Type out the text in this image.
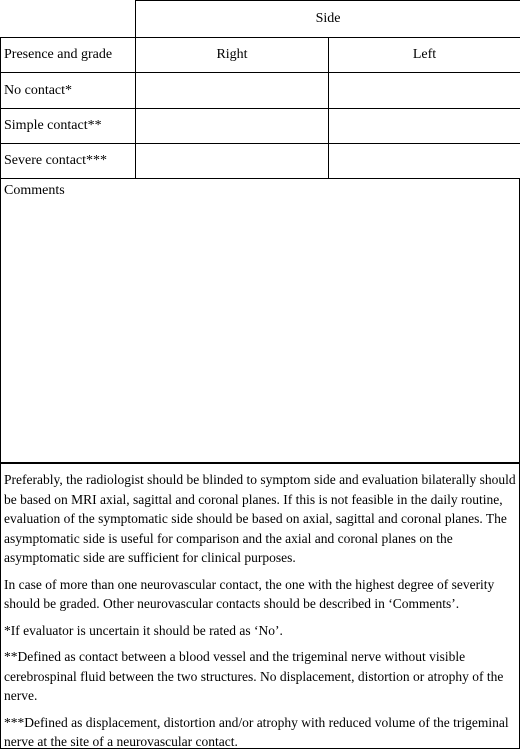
	Side	
Presence and grade	Right	Left
No contact*		
Simple contact**		
Severe contact***		
Comments

Preferably, the radiologist should be blinded to symptom side and evaluation bilaterally should be based on MRI axial, sagittal and coronal planes. If this is not feasible in the daily routine, evaluation of the symptomatic side should be based on axial, sagittal and coronal planes. The asymptomatic side is useful for comparison and the axial and coronal planes on the asymptomatic side are sufficient for clinical purposes.

In case of more than one neurovascular contact, the one with the highest degree of severity should be graded. Other neurovascular contacts should be described in ‘Comments’.

*If evaluator is uncertain it should be rated as ‘No’.

**Defined as contact between a blood vessel and the trigeminal nerve without visible cerebrospinal fluid between the two structures. No displacement, distortion or atrophy of the nerve.

***Defined as displacement, distortion and/or atrophy with reduced volume of the trigeminal nerve at the site of a neurovascular contact.
